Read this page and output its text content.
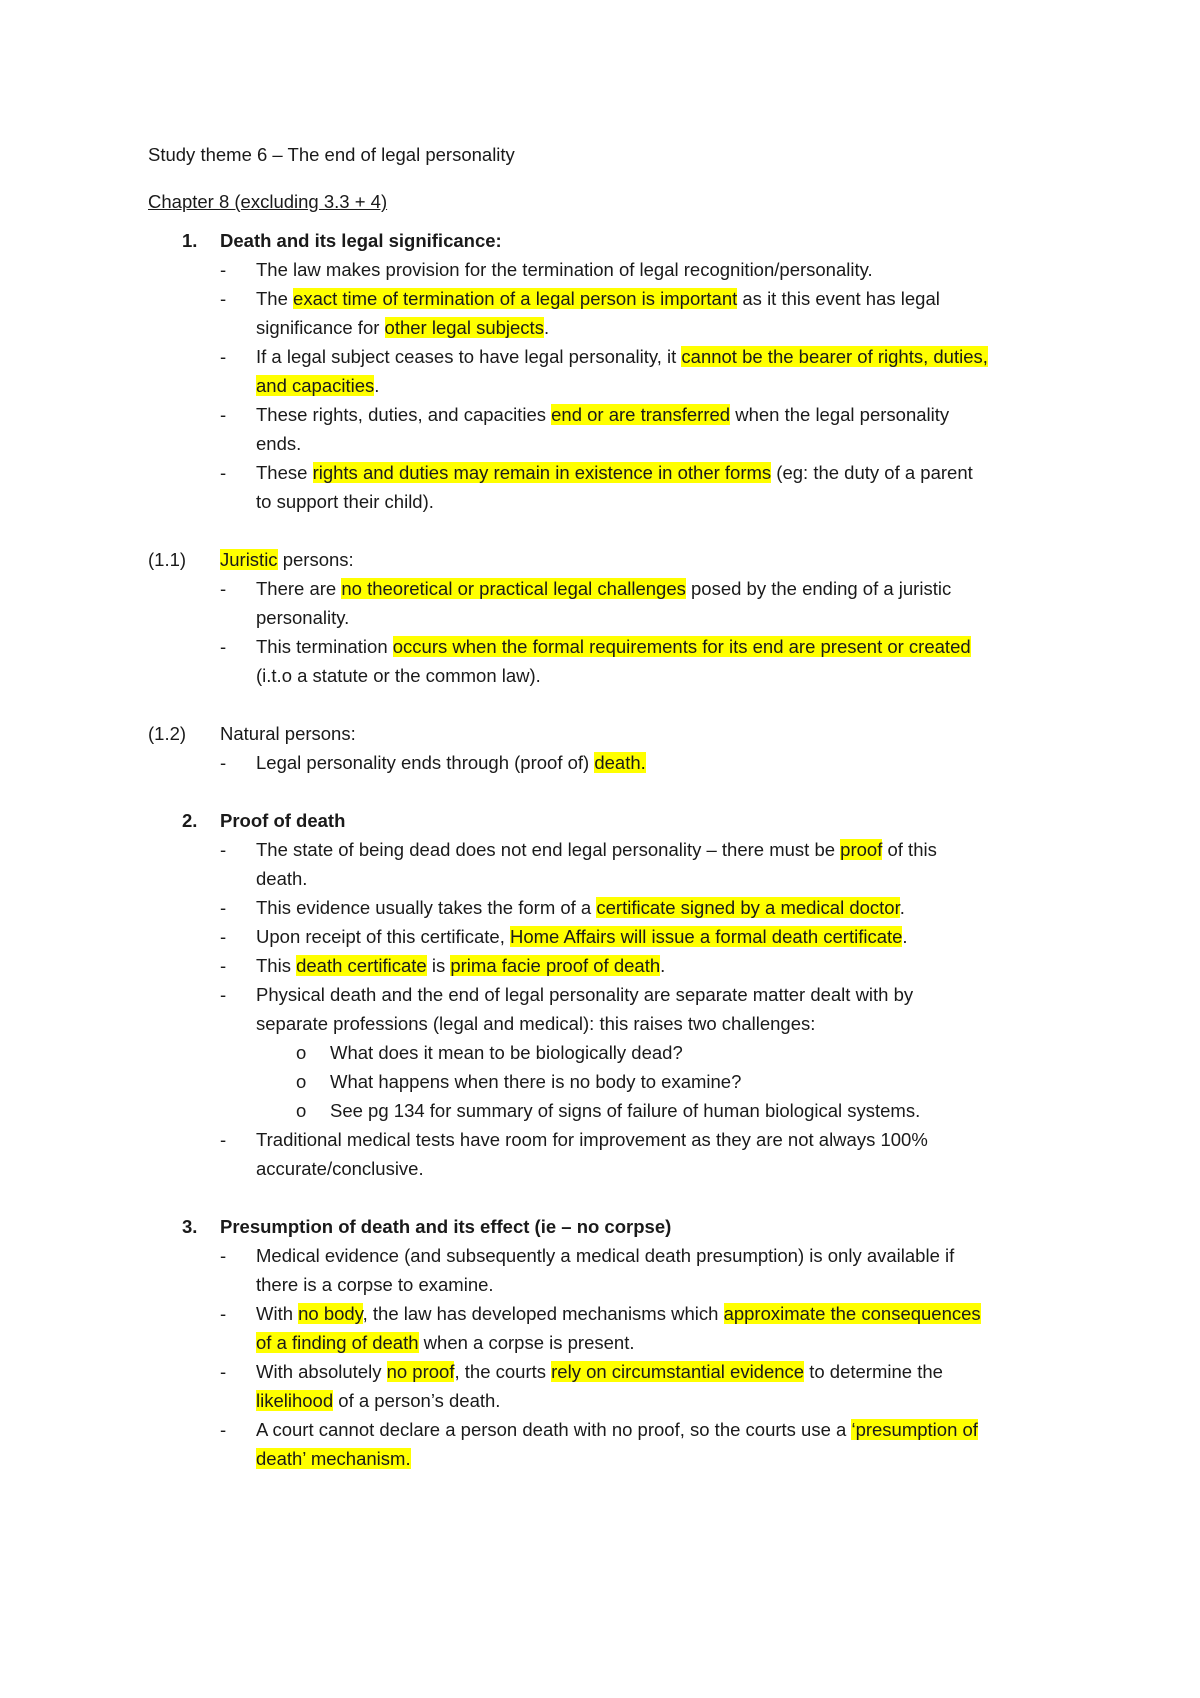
Study theme 6 – The end of legal personality
Chapter 8 (excluding 3.3 + 4)
1. Death and its legal significance:
- The law makes provision for the termination of legal recognition/personality.
- The exact time of termination of a legal person is important as it this event has legal
significance for other legal subjects.
- If a legal subject ceases to have legal personality, it cannot be the bearer of rights, duties,
and capacities.
- These rights, duties, and capacities end or are transferred when the legal personality
ends.
- These rights and duties may remain in existence in other forms (eg: the duty of a parent
to support their child).
(1.1) Juristic persons:
- There are no theoretical or practical legal challenges posed by the ending of a juristic
personality.
- This termination occurs when the formal requirements for its end are present or created
(i.t.o a statute or the common law).
(1.2) Natural persons:
- Legal personality ends through (proof of) death.
2. Proof of death
- The state of being dead does not end legal personality – there must be proof of this
death.
- This evidence usually takes the form of a certificate signed by a medical doctor.
- Upon receipt of this certificate, Home Affairs will issue a formal death certificate.
- This death certificate is prima facie proof of death.
- Physical death and the end of legal personality are separate matter dealt with by
separate professions (legal and medical): this raises two challenges:
o What does it mean to be biologically dead?
o What happens when there is no body to examine?
o See pg 134 for summary of signs of failure of human biological systems.
- Traditional medical tests have room for improvement as they are not always 100%
accurate/conclusive.
3. Presumption of death and its effect (ie – no corpse)
- Medical evidence (and subsequently a medical death presumption) is only available if
there is a corpse to examine.
- With no body, the law has developed mechanisms which approximate the consequences
of a finding of death when a corpse is present.
- With absolutely no proof, the courts rely on circumstantial evidence to determine the
likelihood of a person’s death.
- A court cannot declare a person death with no proof, so the courts use a ‘presumption of
death’ mechanism.
